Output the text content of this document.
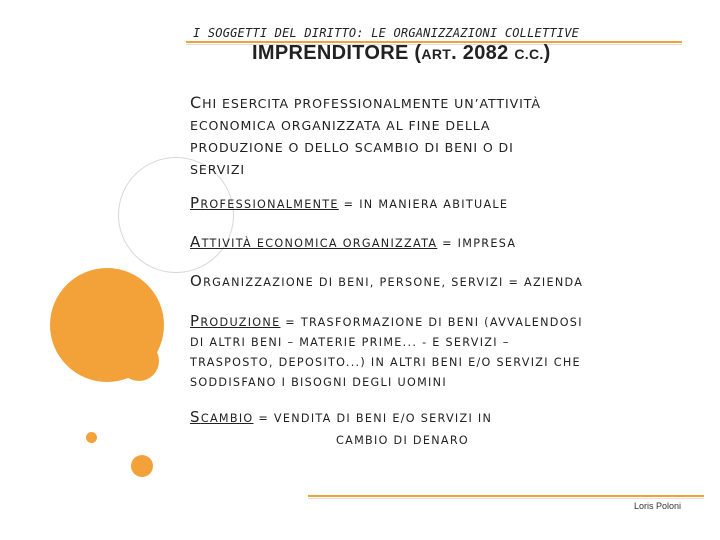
I SOGGETTI DEL DIRITTO: LE ORGANIZZAZIONI COLLETTIVE
IMPRENDITORE (ART. 2082 C.C.)
CHI ESERCITA PROFESSIONALMENTE UN’ATTIVITÀ
ECONOMICA ORGANIZZATA AL FINE DELLA
PRODUZIONE O DELLO SCAMBIO DI BENI O DI
SERVIZI
PROFESSIONALMENTE = IN MANIERA ABITUALE
ATTIVITÀ ECONOMICA ORGANIZZATA = IMPRESA
ORGANIZZAZIONE DI BENI, PERSONE, SERVIZI = AZIENDA
PRODUZIONE = TRASFORMAZIONE DI BENI (AVVALENDOSI
DI ALTRI BENI – MATERIE PRIME... - E SERVIZI –
TRASPOSTO, DEPOSITO...) IN ALTRI BENI E/O SERVIZI CHE
SODDISFANO I BISOGNI DEGLI UOMINI
SCAMBIO = VENDITA DI BENI E/O SERVIZI IN
CAMBIO DI DENARO
Loris Poloni
